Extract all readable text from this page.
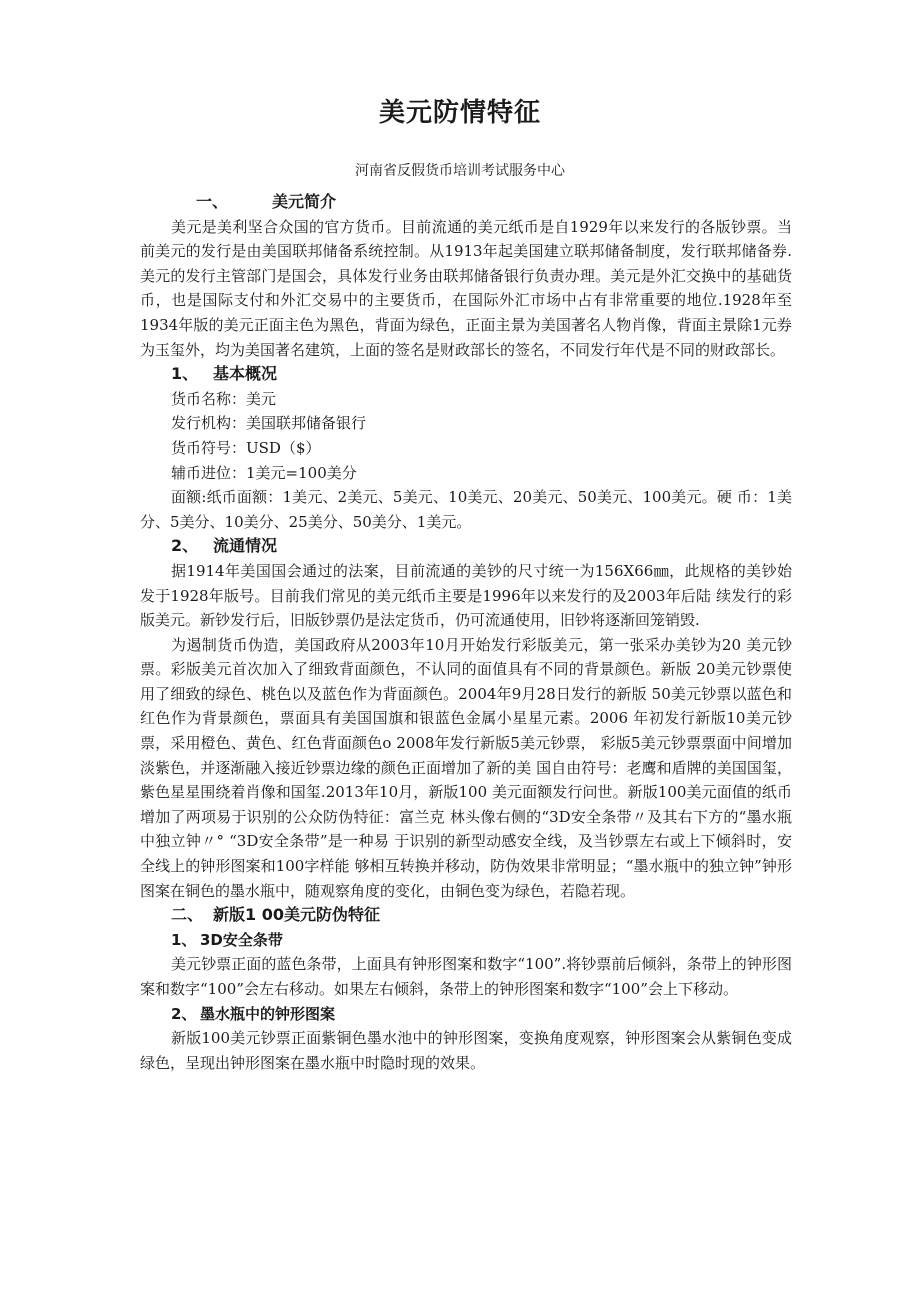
美元防情特征
河南省反假货币培训考试服务中心

一、	美元简介

美元是美利坚合众国的官方货币。目前流通的美元纸币是自1929年以来发行的各版钞票。当前美元的发行是由美国联邦储备系统控制。从1913年起美国建立联邦储备制度，发行联邦储备券.美元的发行主管部门是国会，具体发行业务由联邦储备银行负责办理。美元是外汇交换中的基础货币，也是国际支付和外汇交易中的主要货币，在国际外汇市场中占有非常重要的地位.1928年至1934年版的美元正面主色为黑色，背面为绿色，正面主景为美国著名人物肖像，背面主景除1元券为玉玺外，均为美国著名建筑，上面的签名是财政部长的签名，不同发行年代是不同的财政部长。

1、 基本概况

货币名称：美元

发行机构：美国联邦储备银行

货币符号：USD（$）

辅币进位：1美元=100美分

面额:纸币面额：1美元、2美元、5美元、10美元、20美元、50美元、100美元。硬 币：1美分、5美分、10美分、25美分、50美分、1美元。

2、 流通情况

据1914年美国国会通过的法案，目前流通的美钞的尺寸统一为156X66㎜，此规格的美钞始发于1928年版号。目前我们常见的美元纸币主要是1996年以来发行的及2003年后陆 续发行的彩版美元。新钞发行后，旧版钞票仍是法定货币，仍可流通使用，旧钞将逐渐回笼销毁.

为遏制货币伪造，美国政府从2003年10月开始发行彩版美元，第一张采办美钞为20 美元钞票。彩版美元首次加入了细致背面颜色，不认同的面值具有不同的背景颜色。新版 20美元钞票使用了细致的绿色、桃色以及蓝色作为背面颜色。2004年9月28日发行的新版 50美元钞票以蓝色和红色作为背景颜色，票面具有美国国旗和银蓝色金属小星星元素。2006 年初发行新版10美元钞票，采用橙色、黄色、红色背面颜色o 2008年发行新版5美元钞票， 彩版5美元钞票票面中间增加淡紫色，并逐渐融入接近钞票边缘的颜色正面增加了新的美 国自由符号：老鹰和盾牌的美国国玺，紫色星星围绕着肖像和国玺.2013年10月，新版100 美元面额发行问世。新版100美元面值的纸币增加了两项易于识别的公众防伪特征：富兰克 林头像右侧的“3D安全条带〃及其右下方的“墨水瓶中独立钟〃° “3D安全条带”是一种易 于识别的新型动感安全线，及当钞票左右或上下倾斜时，安全线上的钟形图案和100字样能 够相互转换并移动，防伪效果非常明显；“墨水瓶中的独立钟”钟形图案在铜色的墨水瓶中，随观察角度的变化，由铜色变为绿色，若隐若现。

二、 新版1 00美元防伪特征

1、 3D安全条带

美元钞票正面的蓝色条带，上面具有钟形图案和数字“100”.将钞票前后倾斜，条带上的钟形图案和数字“100”会左右移动。如果左右倾斜，条带上的钟形图案和数字“100”会上下移动。

2、 墨水瓶中的钟形图案

新版100美元钞票正面紫铜色墨水池中的钟形图案，变换角度观察，钟形图案会从紫铜色变成绿色，呈现出钟形图案在墨水瓶中时隐时现的效果。
